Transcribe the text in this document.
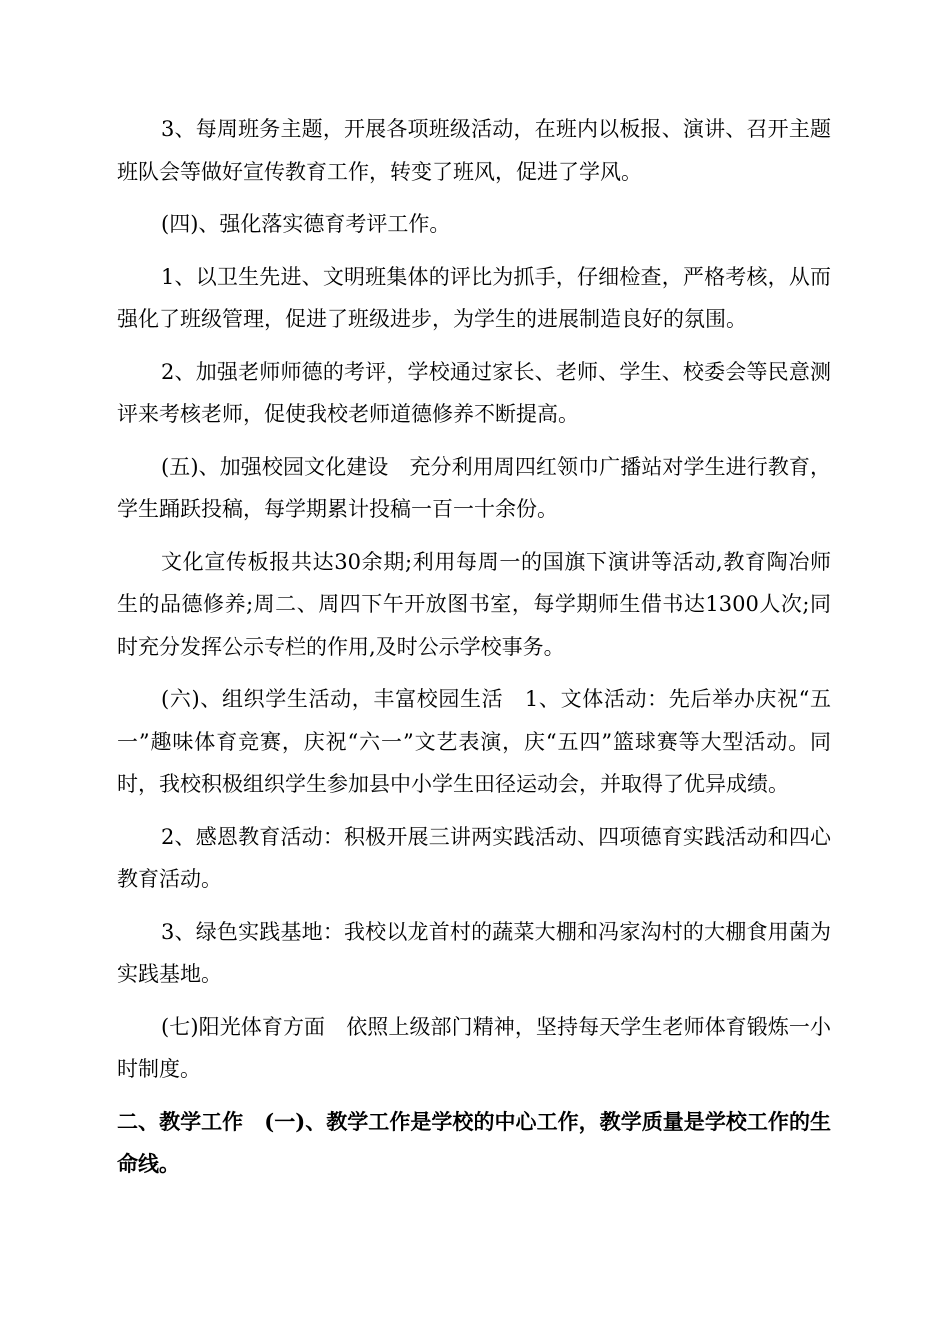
3、每周班务主题，开展各项班级活动，在班内以板报、演讲、召开主题班队会等做好宣传教育工作，转变了班风，促进了学风。

(四)、强化落实德育考评工作。

1、以卫生先进、文明班集体的评比为抓手，仔细检查，严格考核，从而强化了班级管理，促进了班级进步，为学生的进展制造良好的氛围。

2、加强老师师德的考评，学校通过家长、老师、学生、校委会等民意测评来考核老师，促使我校老师道德修养不断提高。

(五)、加强校园文化建设　充分利用周四红领巾广播站对学生进行教育，学生踊跃投稿，每学期累计投稿一百一十余份。

文化宣传板报共达30余期;利用每周一的国旗下演讲等活动,教育陶冶师生的品德修养;周二、周四下午开放图书室，每学期师生借书达1300人次;同时充分发挥公示专栏的作用,及时公示学校事务。

(六)、组织学生活动，丰富校园生活　1、文体活动：先后举办庆祝“五一”趣味体育竞赛，庆祝“六一”文艺表演，庆“五四”篮球赛等大型活动。同时，我校积极组织学生参加县中小学生田径运动会，并取得了优异成绩。

2、感恩教育活动：积极开展三讲两实践活动、四项德育实践活动和四心教育活动。

3、绿色实践基地：我校以龙首村的蔬菜大棚和冯家沟村的大棚食用菌为实践基地。

(七)阳光体育方面　依照上级部门精神，坚持每天学生老师体育锻炼一小时制度。

二、教学工作　(一)、教学工作是学校的中心工作，教学质量是学校工作的生命线。
